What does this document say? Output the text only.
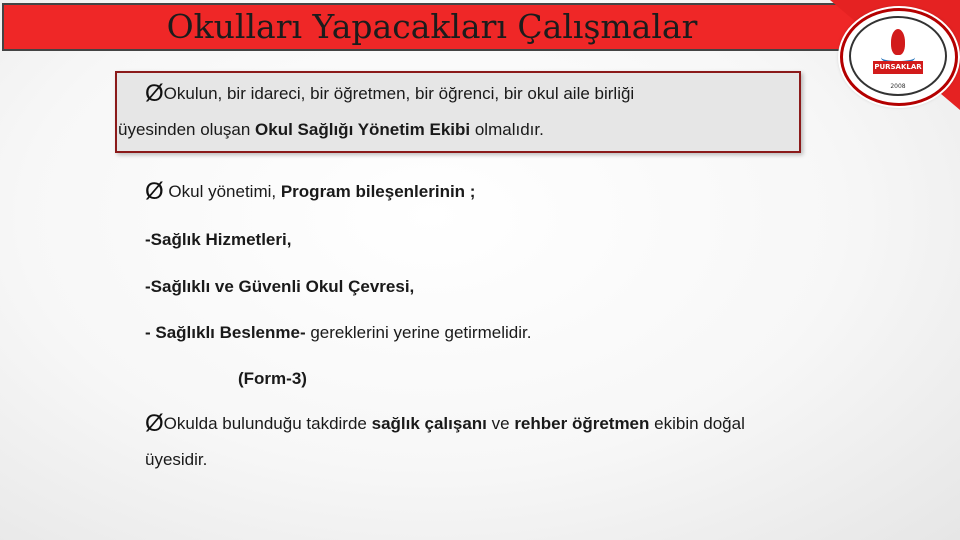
Okulları Yapacakları Çalışmalar
PURSAKLAR
2008
ØOkulun, bir idareci, bir öğretmen, bir öğrenci, bir okul aile birliği
üyesinden oluşan Okul Sağlığı Yönetim Ekibi olmalıdır.
Ø Okul yönetimi, Program bileşenlerinin ;
-Sağlık Hizmetleri,
-Sağlıklı ve Güvenli Okul Çevresi,
- Sağlıklı Beslenme- gereklerini yerine getirmelidir.
(Form-3)
ØOkulda bulunduğu takdirde sağlık çalışanı ve rehber öğretmen ekibin doğal
üyesidir.
